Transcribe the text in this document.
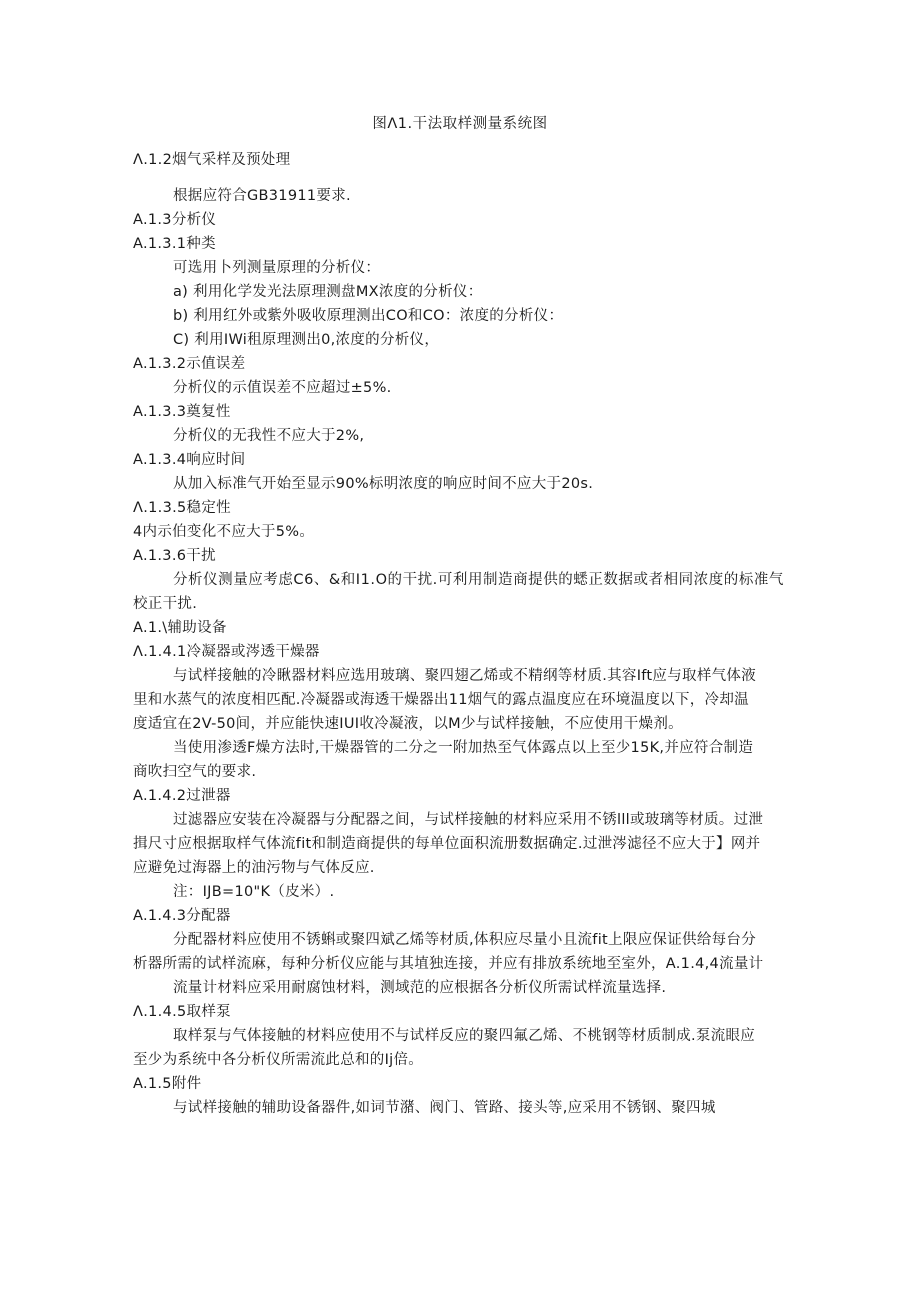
图Λ1.干法取样测量系统图
Λ.1.2烟气采样及预处理
根据应符合GB31911要求.
A.1.3分析仪
A.1.3.1种类
可选用卜列测量原理的分析仪：
a) 利用化学发光法原理测盘MX浓度的分析仪：
b) 利用红外或紫外吸收原理测出CO和CO：浓度的分析仪：
C) 利用IWi租原理测出0,浓度的分析仪，
A.1.3.2示值误差
分析仪的示值误差不应超过±5%.
A.1.3.3奠复性
分析仪的无我性不应大于2%,
A.1.3.4响应时间
从加入标准气开始至显示90%标明浓度的响应时间不应大于20s.
Λ.1.3.5稳定性
4内示伯变化不应大于5%。
A.1.3.6干扰
分析仪测量应考虑C6、&和I1.O的干扰.可利用制造商提供的蟋正数据或者相同浓度的标准气
校正干扰.
A.1.\辅助设备
Λ.1.4.1冷凝器或涔透干燥器
与试样接触的冷瞅器材料应选用玻璃、聚四翅乙烯或不精纲等材质.其容Ift应与取样气体液
里和水蒸气的浓度相匹配.冷凝器或海透干燥器出11烟气的露点温度应在环境温度以下，冷却温
度适宜在2V-50间，并应能快速IUI收冷凝液，以M少与试样接触，不应使用干燥剂。
当使用渗透F燥方法时,干燥器管的二分之一附加热至气体露点以上至少15K,并应符合制造
商吹扫空气的要求.
A.1.4.2过泄器
过滤器应安装在冷凝器与分配器之间，与试样接触的材料应采用不锈lll或玻璃等材质。过泄
揖尺寸应根据取样气体流fit和制造商提供的每单位面积流册数据确定.过泄涔滤径不应大于】网并
应避免过海器上的油污物与气体反应.
注：IJB=10"K（皮米）.
A.1.4.3分配器
分配器材料应使用不锈蝌或聚四斌乙烯等材质,体积应尽量小且流fit上限应保证供给每台分
析器所需的试样流麻，每种分析仪应能与其埴独连接，并应有排放系统地至室外，A.1.4,4流量计
流量计材料应采用耐腐蚀材料，测域范的应根据各分析仪所需试样流量选择.
Λ.1.4.5取样泵
取样泵与气体接触的材料应使用不与试样反应的聚四氟乙烯、不桃钢等材质制成.泵流眼应
至少为系统中各分析仪所需流此总和的Ij倍。
A.1.5附件
与试样接触的辅助设备器件,如词节潴、阀门、管路、接头等,应采用不锈钢、聚四城
